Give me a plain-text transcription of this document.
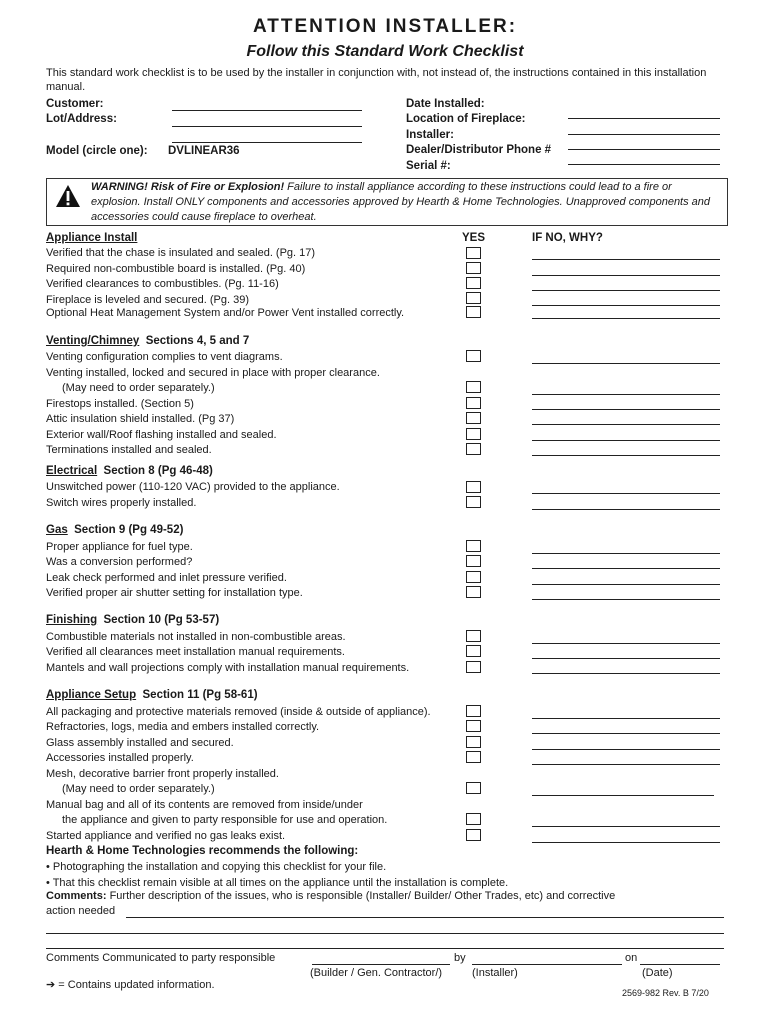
ATTENTION INSTALLER:
Follow this Standard Work Checklist
This standard work checklist is to be used by the installer in conjunction with, not instead of, the instructions contained in this installation manual.
Customer:
Lot/Address:
Model (circle one): DVLINEAR36
Date Installed:
Location of Fireplace:
Installer:
Dealer/Distributor Phone #
Serial #:
WARNING! Risk of Fire or Explosion! Failure to install appliance according to these instructions could lead to a fire or explosion. Install ONLY components and accessories approved by Hearth & Home Technologies. Unapproved components and accessories could cause fireplace to overheat.
YES	IF NO, WHY?
Appliance Install
Verified that the chase is insulated and sealed. (Pg. 17)
Required non-combustible board is installed. (Pg. 40)
Verified clearances to combustibles. (Pg. 11-16)
Fireplace is leveled and secured. (Pg. 39)
Optional Heat Management System and/or Power Vent installed correctly.
Venting/Chimney Sections 4, 5 and 7
Venting configuration complies to vent diagrams.
Venting installed, locked and secured in place with proper clearance.
(May need to order separately.)
Firestops installed. (Section 5)
Attic insulation shield installed. (Pg 37)
Exterior wall/Roof flashing installed and sealed.
Terminations installed and sealed.
Electrical Section 8 (Pg 46-48)
Unswitched power (110-120 VAC) provided to the appliance.
Switch wires properly installed.
Gas Section 9 (Pg 49-52)
Proper appliance for fuel type.
Was a conversion performed?
Leak check performed and inlet pressure verified.
Verified proper air shutter setting for installation type.
Finishing Section 10 (Pg 53-57)
Combustible materials not installed in non-combustible areas.
Verified all clearances meet installation manual requirements.
Mantels and wall projections comply with installation manual requirements.
Appliance Setup Section 11 (Pg 58-61)
All packaging and protective materials removed (inside & outside of appliance).
Refractories, logs, media and embers installed correctly.
Glass assembly installed and secured.
Accessories installed properly.
Mesh, decorative barrier front properly installed.
(May need to order separately.)
Manual bag and all of its contents are removed from inside/under
the appliance and given to party responsible for use and operation.
Started appliance and verified no gas leaks exist.
Hearth & Home Technologies recommends the following:
• Photographing the installation and copying this checklist for your file.
• That this checklist remain visible at all times on the appliance until the installation is complete.
Comments: Further description of the issues, who is responsible (Installer/ Builder/ Other Trades, etc) and corrective
action needed
Comments Communicated to party responsible	by	on
(Builder / Gen. Contractor/)	(Installer)	(Date)
➔ = Contains updated information.
2569-982 Rev. B 7/20
